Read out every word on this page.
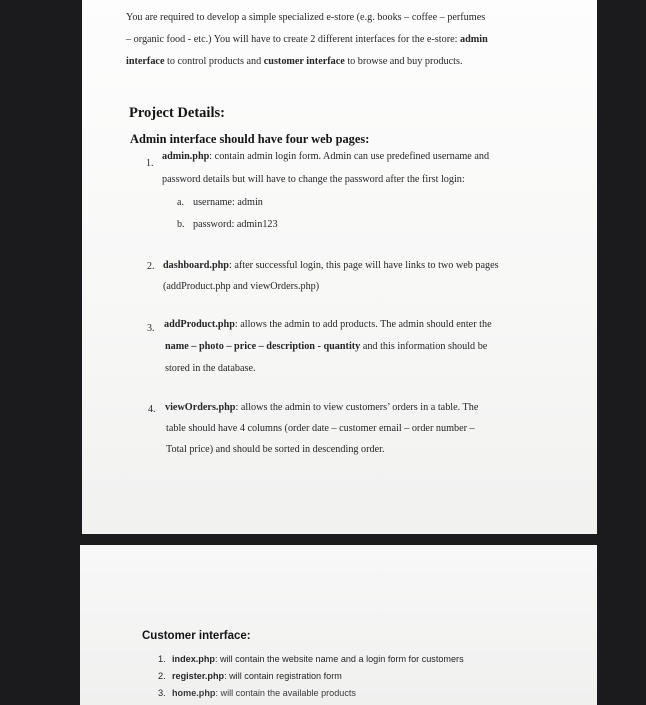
You are required to develop a simple specialized e-store (e.g. books – coffee – perfumes
– organic food - etc.) You will have to create 2 different interfaces for the e-store: admin
interface to control products and customer interface to browse and buy products.
Project Details:
Admin interface should have four web pages:
1.
admin.php: contain admin login form. Admin can use predefined username and
password details but will have to change the password after the first login:
a. username: admin
b. password: admin123
2. dashboard.php: after successful login, this page will have links to two web pages
(addProduct.php and viewOrders.php)
3. addProduct.php: allows the admin to add products. The admin should enter the
name – photo – price – description - quantity and this information should be
stored in the database.
4. viewOrders.php: allows the admin to view customers’ orders in a table. The
table should have 4 columns (order date – customer email – order number –
Total price) and should be sorted in descending order.
Customer interface:
1. index.php: will contain the website name and a login form for customers
2. register.php: will contain registration form
3. home.php: will contain the available products
